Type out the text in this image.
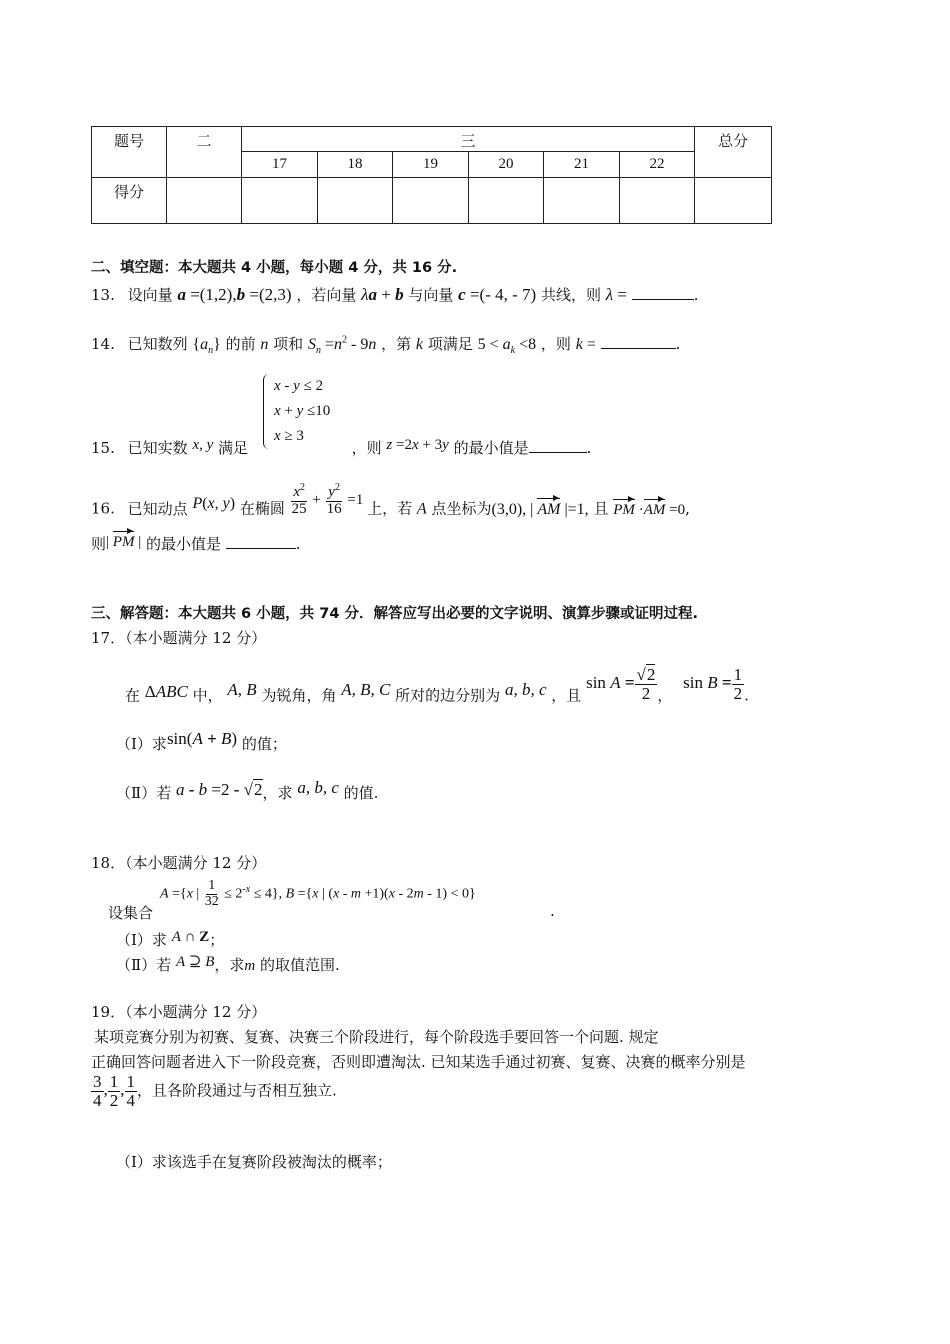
题号	二	三						总分
		17	18	19	20	21	22	
得分								
二、填空题：本大题共 4 小题，每小题 4 分，共 16 分.
13. 设向量 a =(1,2),b =(2,3) ，若向量 λa + b 与向量 c =(- 4, - 7) 共线，则 λ =	.
14. 已知数列 $\{a_n\}$ 的前 n 项和 $S_n =n^2 - 9n$ ，第 k 项满足 $5 < a_k <8$ ，则 k =	.
x - y ≤ 2
x + y ≤10
x ≥ 3
15. 已知实数 x, y 满足	，则 z =2x + 3y 的最小值是	.
16. 已知动点 P(x, y) 在椭圆 $\frac{x^2}{25} + \frac{y^2}{16} =1$ 上，若 A 点坐标为(3,0), | AM |=1, 且 PM ·AM =0,
则| PM | 的最小值是	.
三、解答题：本大题共 6 小题，共 74 分．解答应写出必要的文字说明、演算步骤或证明过程.
17．（本小题满分 12 分）
在 ΔABC 中， A, B 为锐角，角 A, B, C 所对的边分别为 a, b, c ，且 $\sin A = \frac{√2}{2}$ ， $\sin B = \frac{1}{2}$ .
（Ⅰ）求sin(A + B) 的值；
（Ⅱ）若 a - b =2 - √2，求 a, b, c 的值.
18．（本小题满分 12 分）
A ={x | $\frac{1}{32} \le 2^{-x} \le 4$}, B ={x | (x - m +1)(x - 2m - 1) < 0}
设集合	.
（Ⅰ）求 A ∩ Z；
（Ⅱ）若 A ⊇ B，求m 的取值范围.
19．（本小题满分 12 分）
某项竞赛分别为初赛、复赛、决赛三个阶段进行，每个阶段选手要回答一个问题. 规定
正确回答问题者进入下一阶段竞赛，否则即遭淘汰. 已知某选手通过初赛、复赛、决赛的概率分别是
$\frac{3}{4}$ , $\frac{1}{2}$ , $\frac{1}{4}$ ，且各阶段通过与否相互独立.
（I）求该选手在复赛阶段被淘汰的概率；
